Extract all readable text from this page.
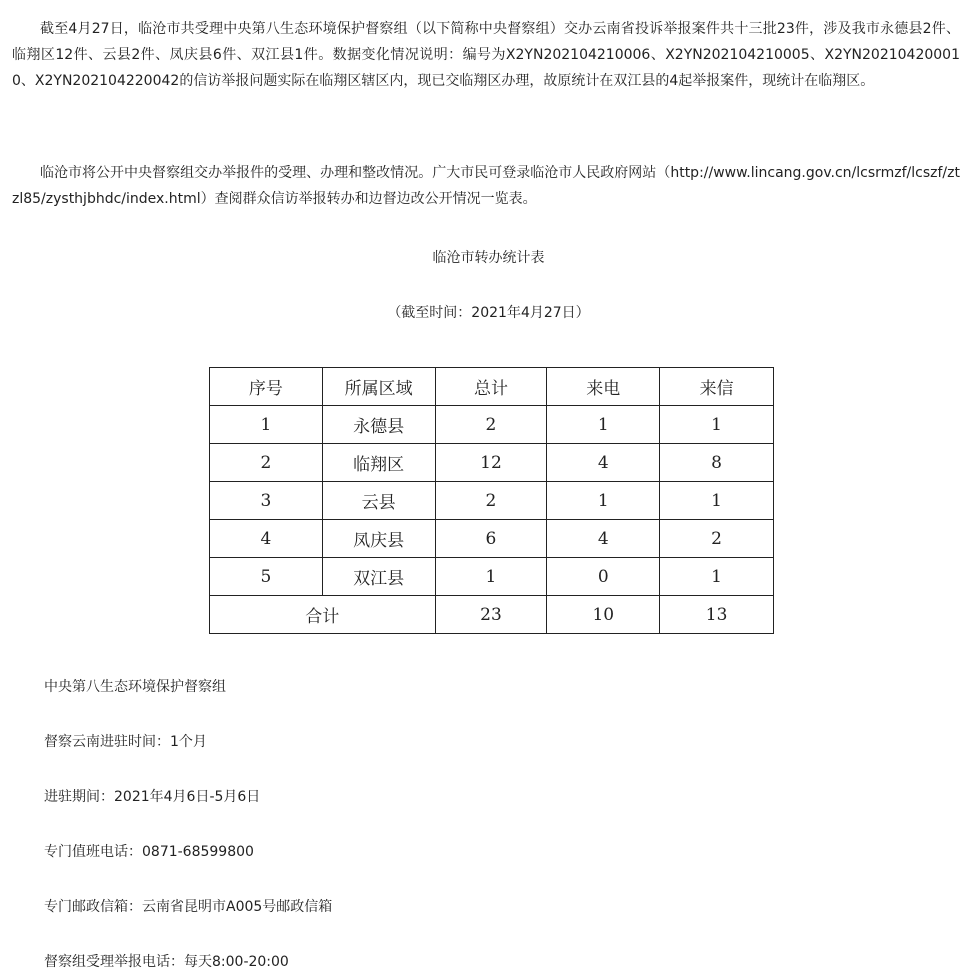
截至4月27日，临沧市共受理中央第八生态环境保护督察组（以下简称中央督察组）交办云南省投诉举报案件共十三批23件，涉及我市永德县2件、临翔区12件、云县2件、凤庆县6件、双江县1件。数据变化情况说明：编号为X2YN202104210006、X2YN202104210005、X2YN202104200010、X2YN202104220042的信访举报问题实际在临翔区辖区内，现已交临翔区办理，故原统计在双江县的4起举报案件，现统计在临翔区。

临沧市将公开中央督察组交办举报件的受理、办理和整改情况。广大市民可登录临沧市人民政府网站（http://www.lincang.gov.cn/lcsrmzf/lcszf/ztzl85/zysthjbhdc/index.html）查阅群众信访举报转办和边督边改公开情况一览表。

临沧市转办统计表

（截至时间：2021年4月27日）

序号	所属区域	总计	来电	来信
1	永德县	2	1	1
2	临翔区	12	4	8
3	云县	2	1	1
4	凤庆县	6	4	2
5	双江县	1	0	1
合计		23	10	13

中央第八生态环境保护督察组

督察云南进驻时间：1个月

进驻期间：2021年4月6日-5月6日

专门值班电话：0871-68599800

专门邮政信箱：云南省昆明市A005号邮政信箱

督察组受理举报电话：每天8:00-20:00
